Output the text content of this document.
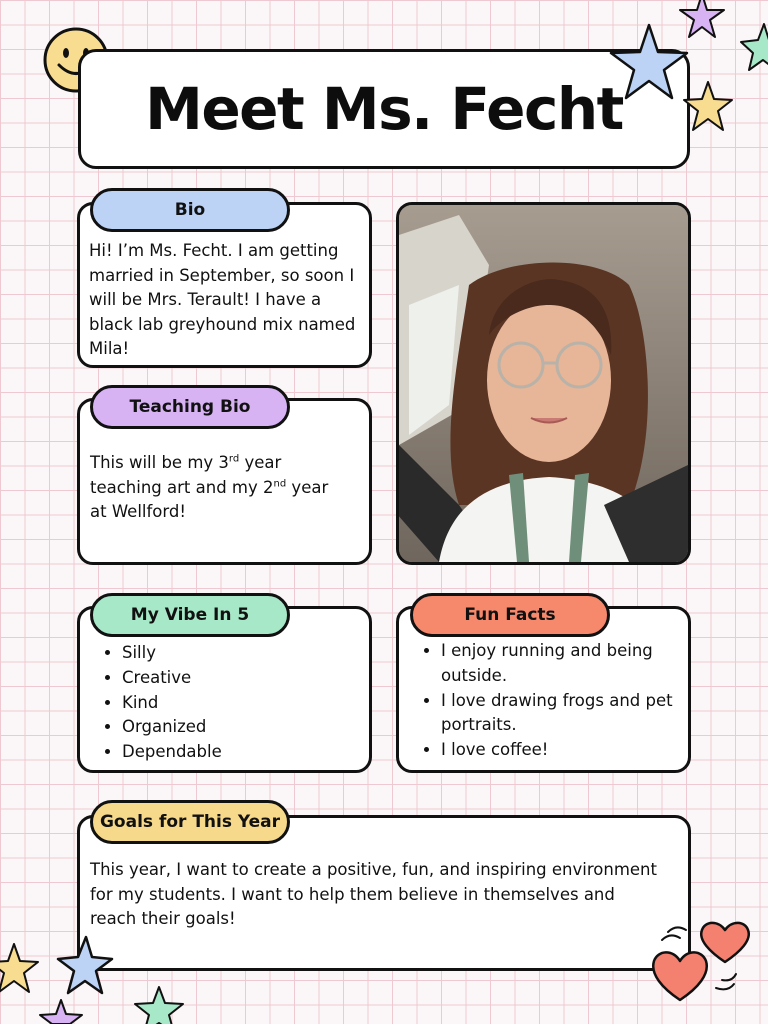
Meet Ms. Fecht
Hi! I’m Ms. Fecht. I am getting married in September, so soon I will be Mrs. Terault! I have a black lab greyhound mix named Mila!
Bio
This will be my 3rd year
teaching art and my 2nd year
at Wellford!
Teaching Bio
• Silly
• Creative
• Kind
• Organized
• Dependable
My Vibe In 5
• I enjoy running and being outside.
• I love drawing frogs and pet portraits.
• I love coffee!
Fun Facts
This year, I want to create a positive, fun, and inspiring environment for my students. I want to help them believe in themselves and reach their goals!
Goals for This Year
